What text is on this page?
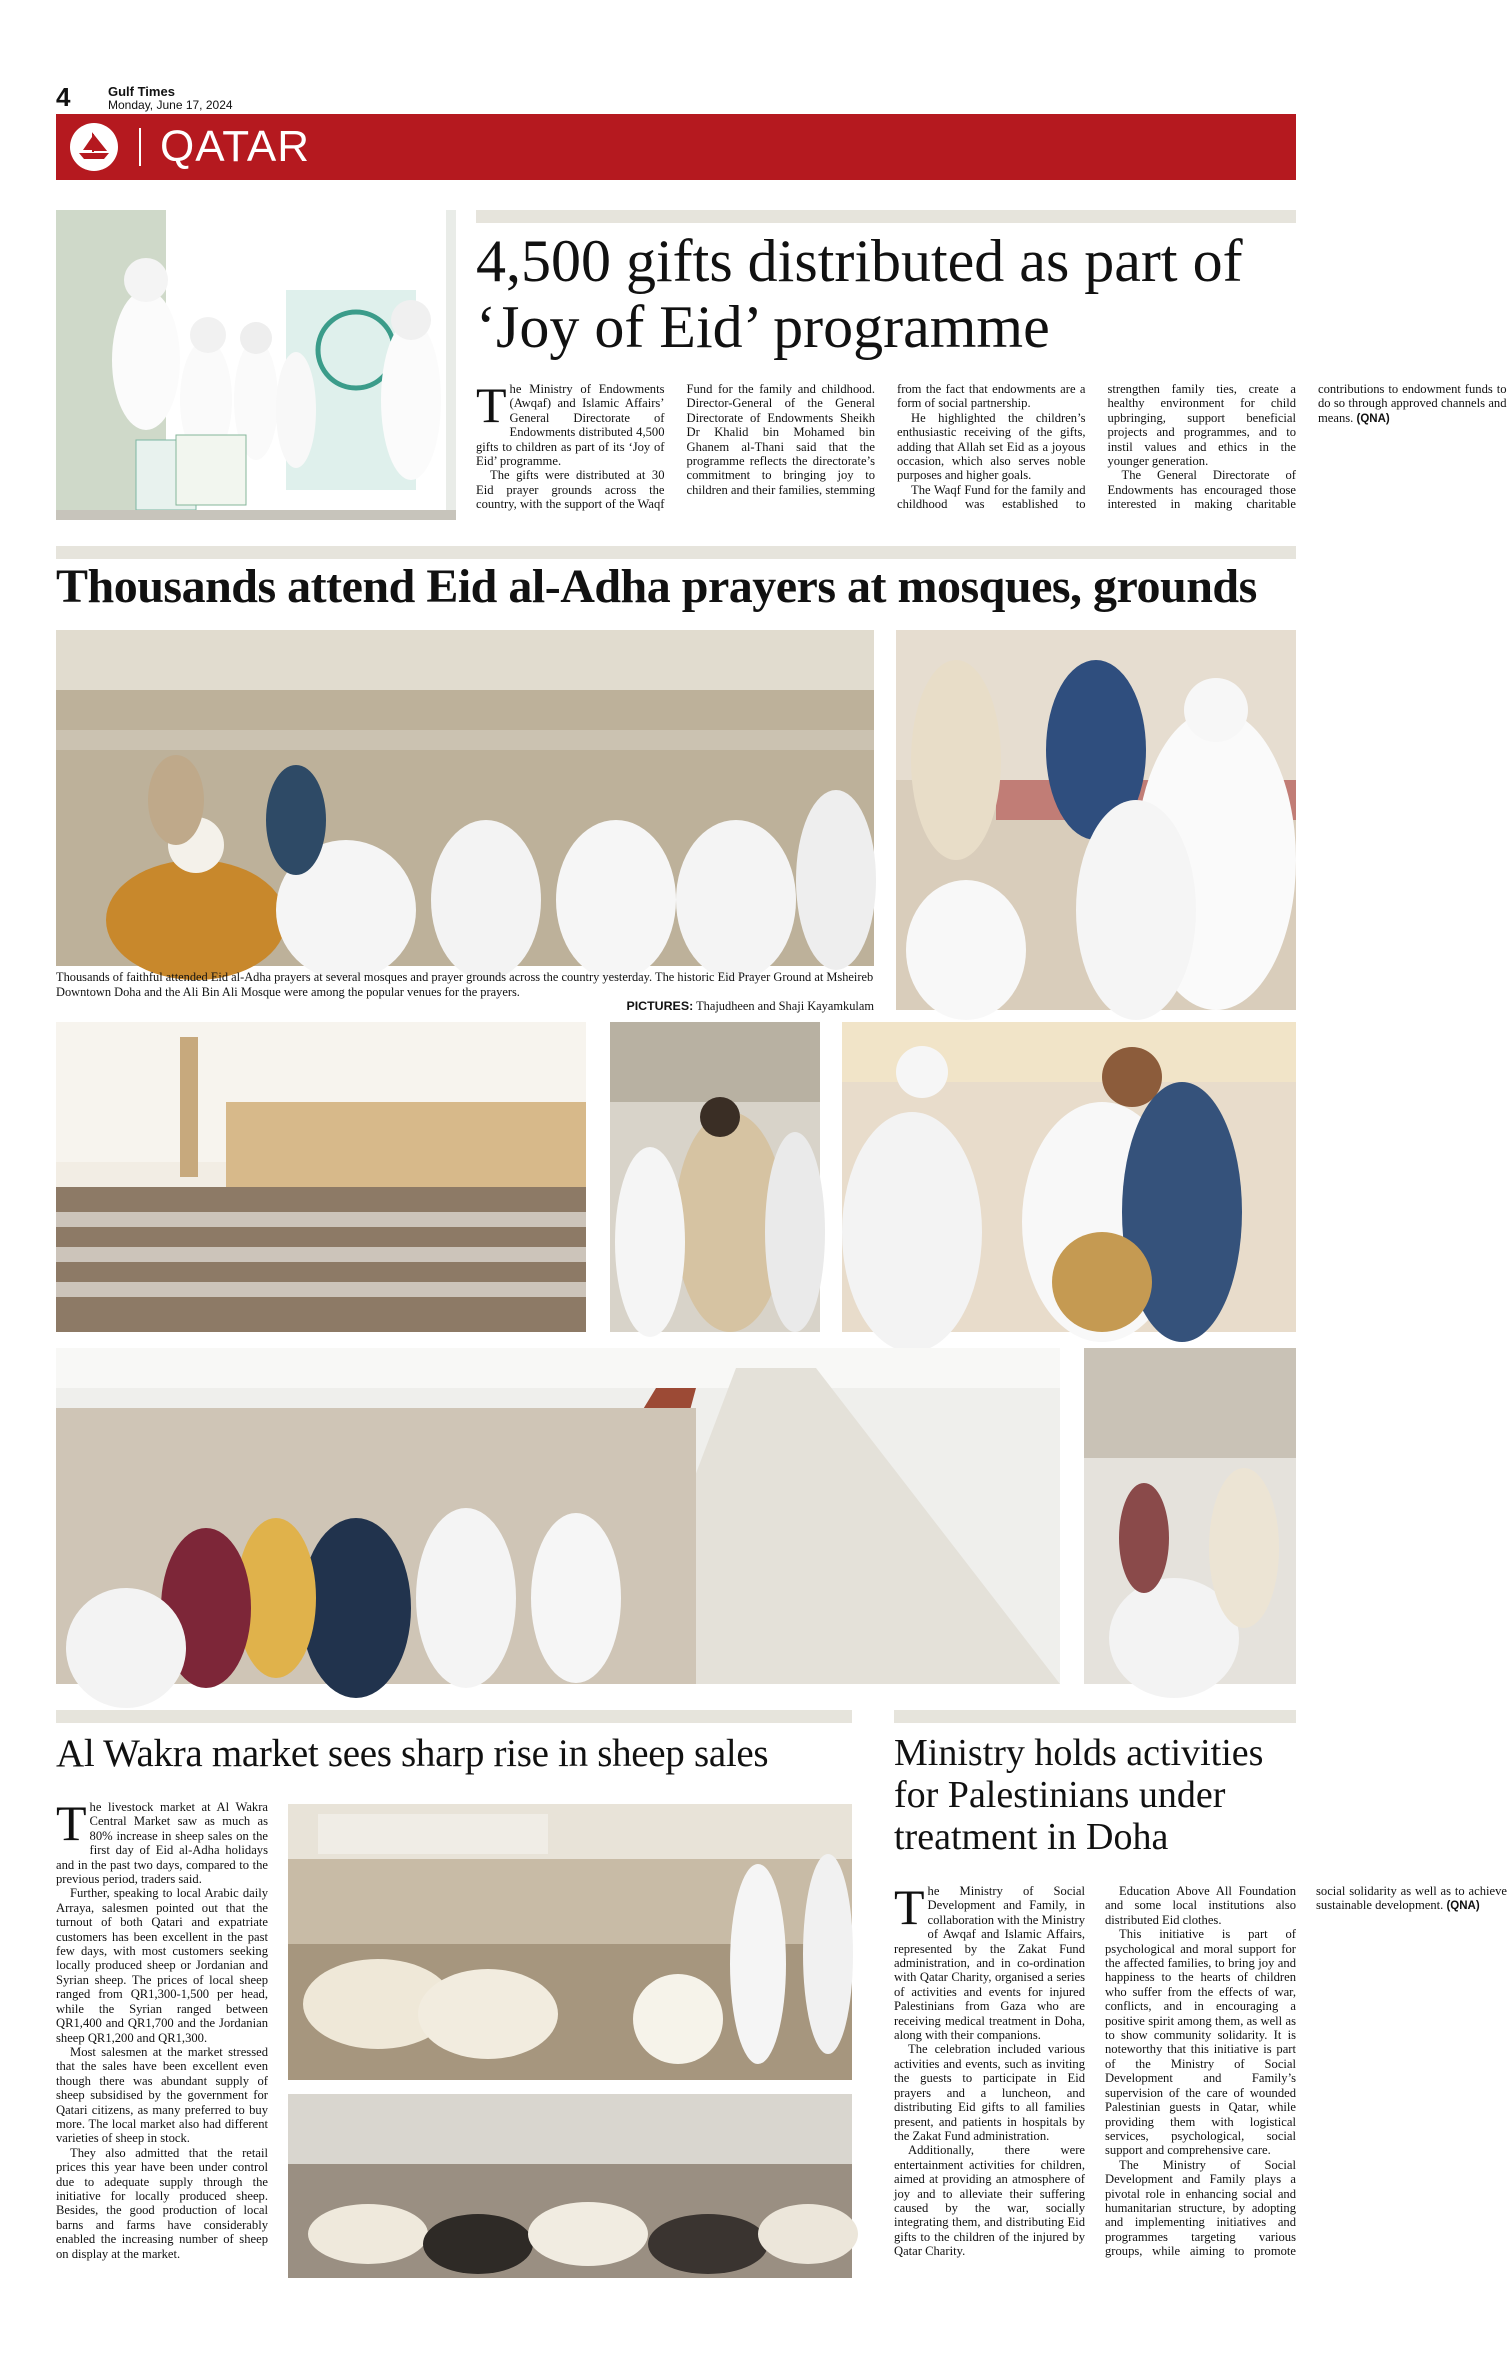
4	Gulf Times
Monday, June 17, 2024
QATAR
4,500 gifts distributed as part of ‘Joy of Eid’ programme

The Ministry of Endowments (Awqaf) and Islamic Affairs’ General Directorate of Endowments distributed 4,500 gifts to children as part of its ‘Joy of Eid’ programme.

The gifts were distributed at 30 Eid prayer grounds across the country, with the support of the Waqf Fund for the family and childhood. Director-General of the General Directorate of Endowments Sheikh Dr Khalid bin Mohamed bin Ghanem al-Thani said that the programme reflects the directorate’s commitment to bringing joy to children and their families, stemming from the fact that endowments are a form of social partnership.

He highlighted the children’s enthusiastic receiving of the gifts, adding that Allah set Eid as a joyous occasion, which also serves noble purposes and higher goals.

The Waqf Fund for the family and childhood was established to strengthen family ties, create a healthy environment for child upbringing, support beneficial projects and programmes, and to instil values and ethics in the younger generation.

The General Directorate of Endowments has encouraged those interested in making charitable contributions to endowment funds to do so through approved channels and means. (QNA)

Thousands attend Eid al-Adha prayers at mosques, grounds
Thousands of faithful attended Eid al-Adha prayers at several mosques and prayer grounds across the country yesterday. The historic Eid Prayer Ground at Msheireb Downtown Doha and the Ali Bin Ali Mosque were among the popular venues for the prayers.
PICTURES: Thajudheen and Shaji Kayamkulam
Al Wakra market sees sharp rise in sheep sales

The livestock market at Al Wakra Central Market saw as much as 80% increase in sheep sales on the first day of Eid al-Adha holidays and in the past two days, compared to the previous period, traders said.

Further, speaking to local Arabic daily Arraya, salesmen pointed out that the turnout of both Qatari and expatriate customers has been excellent in the past few days, with most customers seeking locally produced sheep or Jordanian and Syrian sheep. The prices of local sheep ranged from QR1,300-1,500 per head, while the Syrian ranged between QR1,400 and QR1,700 and the Jordanian sheep QR1,200 and QR1,300.

Most salesmen at the market stressed that the sales have been excellent even though there was abundant supply of sheep subsidised by the government for Qatari citizens, as many preferred to buy more. The local market also had different varieties of sheep in stock.

They also admitted that the retail prices this year have been under control due to adequate supply through the initiative for locally produced sheep. Besides, the good production of local barns and farms have considerably enabled the increasing number of sheep on display at the market.

Ministry holds activities for Palestinians under treatment in Doha

The Ministry of Social Development and Family, in collaboration with the Ministry of Awqaf and Islamic Affairs, represented by the Zakat Fund administration, and in co-ordination with Qatar Charity, organised a series of activities and events for injured Palestinians from Gaza who are receiving medical treatment in Doha, along with their companions.

The celebration included various activities and events, such as inviting the guests to participate in Eid prayers and a luncheon, and distributing Eid gifts to all families present, and patients in hospitals by the Zakat Fund administration.

Additionally, there were entertainment activities for children, aimed at providing an atmosphere of joy and to alleviate their suffering caused by the war, socially integrating them, and distributing Eid gifts to the children of the injured by Qatar Charity.

Education Above All Foundation and some local institutions also distributed Eid clothes.

This initiative is part of psychological and moral support for the affected families, to bring joy and happiness to the hearts of children who suffer from the effects of war, conflicts, and in encouraging a positive spirit among them, as well as to show community solidarity. It is noteworthy that this initiative is part of the Ministry of Social Development and Family’s supervision of the care of wounded Palestinian guests in Qatar, while providing them with logistical services, psychological, social support and comprehensive care.

The Ministry of Social Development and Family plays a pivotal role in enhancing social and humanitarian structure, by adopting and implementing initiatives and programmes targeting various groups, while aiming to promote social solidarity as well as to achieve sustainable development. (QNA)
